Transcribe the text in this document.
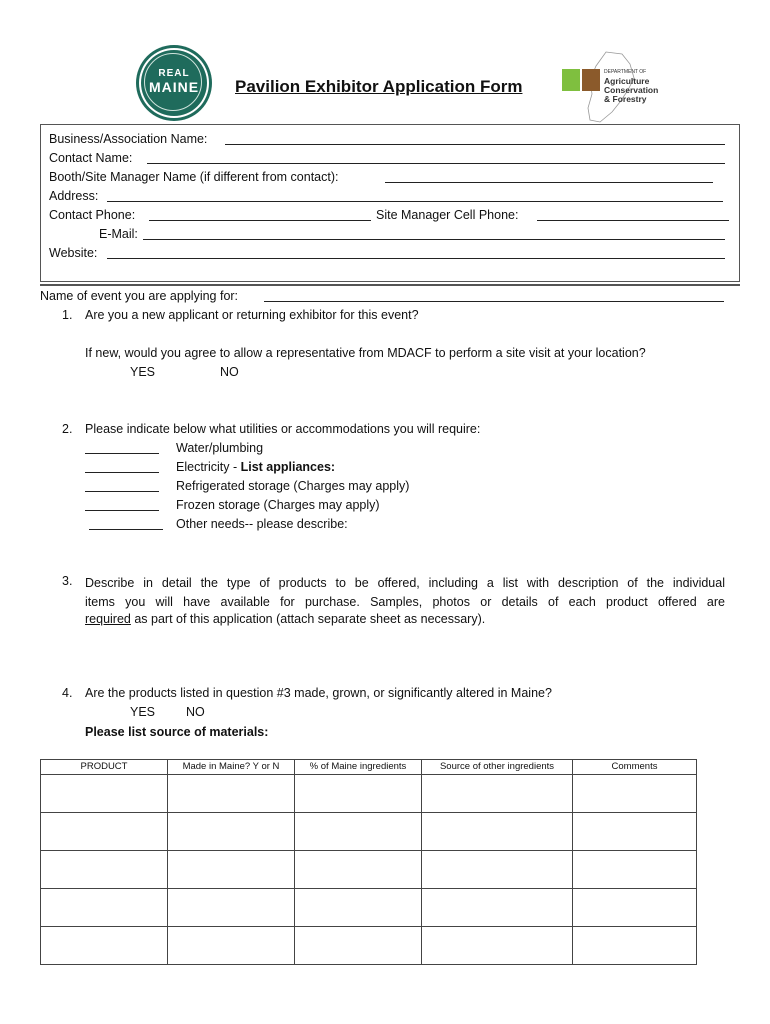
REAL
MAINE	Pavilion Exhibitor Application Form
DEPARTMENT OF
Agriculture
Conservation
& Forestry
Business/Association Name:
Contact Name:
Booth/Site Manager Name (if different from contact):
Address:
Contact Phone:	Site Manager Cell Phone:
E-Mail:
Website:
Name of event you are applying for:
1. Are you a new applicant or returning exhibitor for this event?
If new, would you agree to allow a representative from MDACF to perform a site visit at your location?
YES	NO
2. Please indicate below what utilities or accommodations you will require:
Water/plumbing
Electricity - List appliances:
Refrigerated storage (Charges may apply)
Frozen storage (Charges may apply)
Other needs-- please describe:
3. Describe in detail the type of products to be offered, including a list with description of the individual
items you will have available for purchase. Samples, photos or details of each product offered are
required as part of this application (attach separate sheet as necessary).
4. Are the products listed in question #3 made, grown, or significantly altered in Maine?
YES NO
Please list source of materials:
PRODUCT	Made in Maine? Y or N	% of Maine ingredients	Source of other ingredients	Comments
